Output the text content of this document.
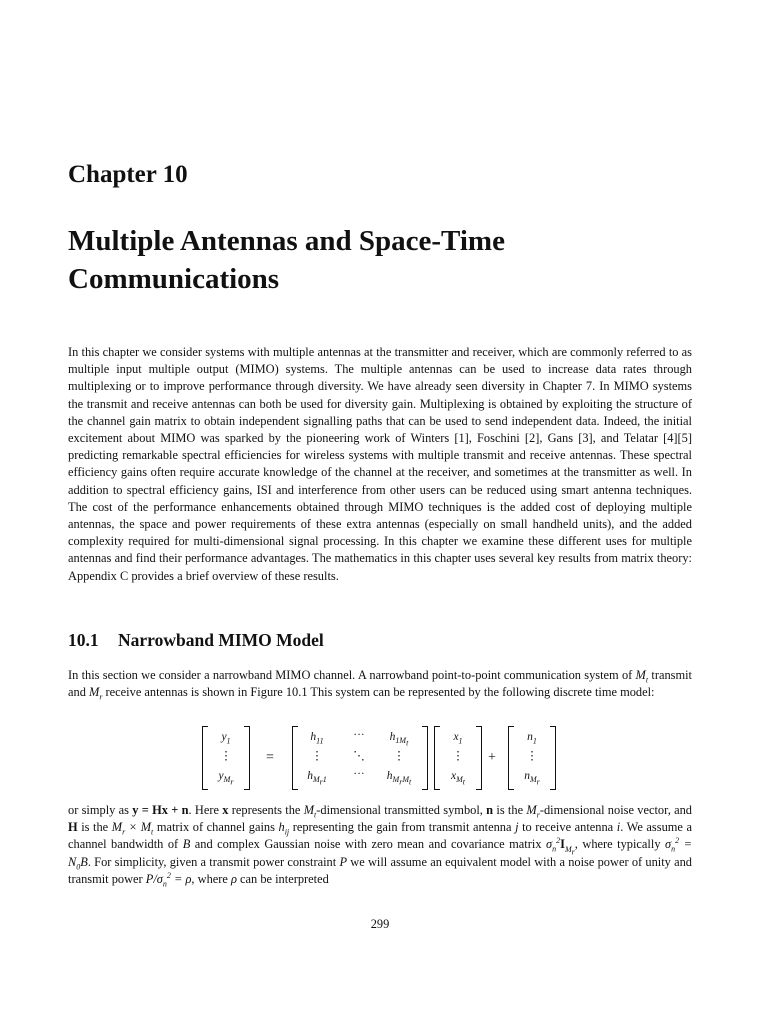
Chapter 10
Multiple Antennas and Space-Time Communications

In this chapter we consider systems with multiple antennas at the transmitter and receiver, which are commonly referred to as multiple input multiple output (MIMO) systems. The multiple antennas can be used to increase data rates through multiplexing or to improve performance through diversity. We have already seen diversity in Chapter 7. In MIMO systems the transmit and receive antennas can both be used for diversity gain. Multiplexing is obtained by exploiting the structure of the channel gain matrix to obtain independent signalling paths that can be used to send independent data. Indeed, the initial excitement about MIMO was sparked by the pioneering work of Winters [1], Foschini [2], Gans [3], and Telatar [4][5] predicting remarkable spectral efficiencies for wireless systems with multiple transmit and receive antennas. These spectral efficiency gains often require accurate knowledge of the channel at the receiver, and sometimes at the transmitter as well. In addition to spectral efficiency gains, ISI and interference from other users can be reduced using smart antenna techniques. The cost of the performance enhancements obtained through MIMO techniques is the added cost of deploying multiple antennas, the space and power requirements of these extra antennas (especially on small handheld units), and the added complexity required for multi-dimensional signal processing. In this chapter we examine these different uses for multiple antennas and find their performance advantages. The mathematics in this chapter uses several key results from matrix theory: Appendix C provides a brief overview of these results.

10.1 Narrowband MIMO Model

In this section we consider a narrowband MIMO channel. A narrowband point-to-point communication system of $M_t$ transmit and $M_r$ receive antennas is shown in Figure 10.1 This system can be represented by the following discrete time model:

$y_1$
⋮
$y_{M_r}$
=
$h_{11}$	···	$h_{1M_t}$
⋮	⋱	⋮
$h_{M_r1}$	···	$h_{M_rM_t}$
$x_1$
⋮
$x_{M_t}$
+
$n_1$
⋮
$n_{M_r}$

or simply as y = Hx + n. Here x represents the $M_t$-dimensional transmitted symbol, n is the $M_r$-dimensional noise vector, and H is the $M_r \times M_t$ matrix of channel gains $h_{ij}$ representing the gain from transmit antenna j to receive antenna i. We assume a channel bandwidth of B and complex Gaussian noise with zero mean and covariance matrix $\sigma_n^2I_{M_r}$, where typically $\sigma_n^2 = N_0B$. For simplicity, given a transmit power constraint P we will assume an equivalent model with a noise power of unity and transmit power $P/\sigma_n^2 = \rho$, where ρ can be interpreted

299
